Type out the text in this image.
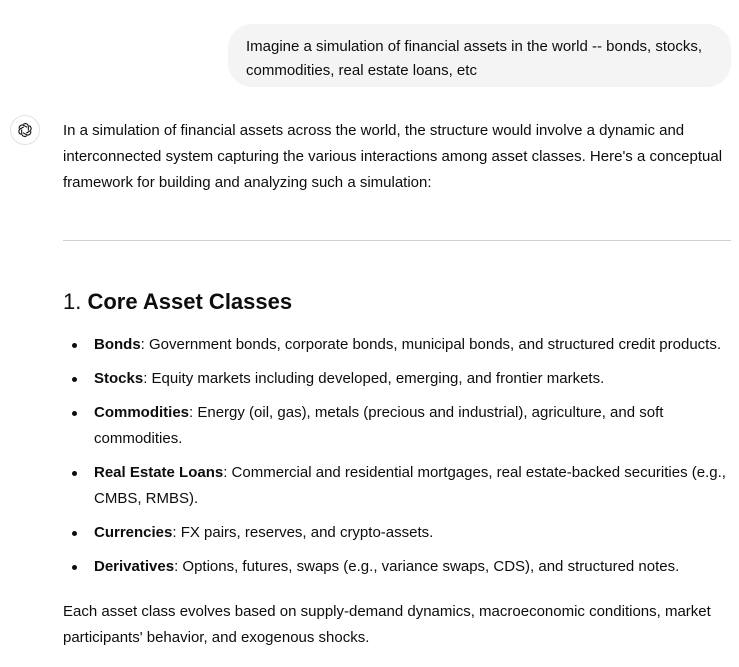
Imagine a simulation of financial assets in the world -- bonds, stocks, commodities, real estate loans, etc

In a simulation of financial assets across the world, the structure would involve a dynamic and interconnected system capturing the various interactions among asset classes. Here's a conceptual framework for building and analyzing such a simulation:

1. Core Asset Classes
Bonds: Government bonds, corporate bonds, municipal bonds, and structured credit products.
Stocks: Equity markets including developed, emerging, and frontier markets.
Commodities: Energy (oil, gas), metals (precious and industrial), agriculture, and soft commodities.
Real Estate Loans: Commercial and residential mortgages, real estate-backed securities (e.g., CMBS, RMBS).
Currencies: FX pairs, reserves, and crypto-assets.
Derivatives: Options, futures, swaps (e.g., variance swaps, CDS), and structured notes.

Each asset class evolves based on supply-demand dynamics, macroeconomic conditions, market participants' behavior, and exogenous shocks.
